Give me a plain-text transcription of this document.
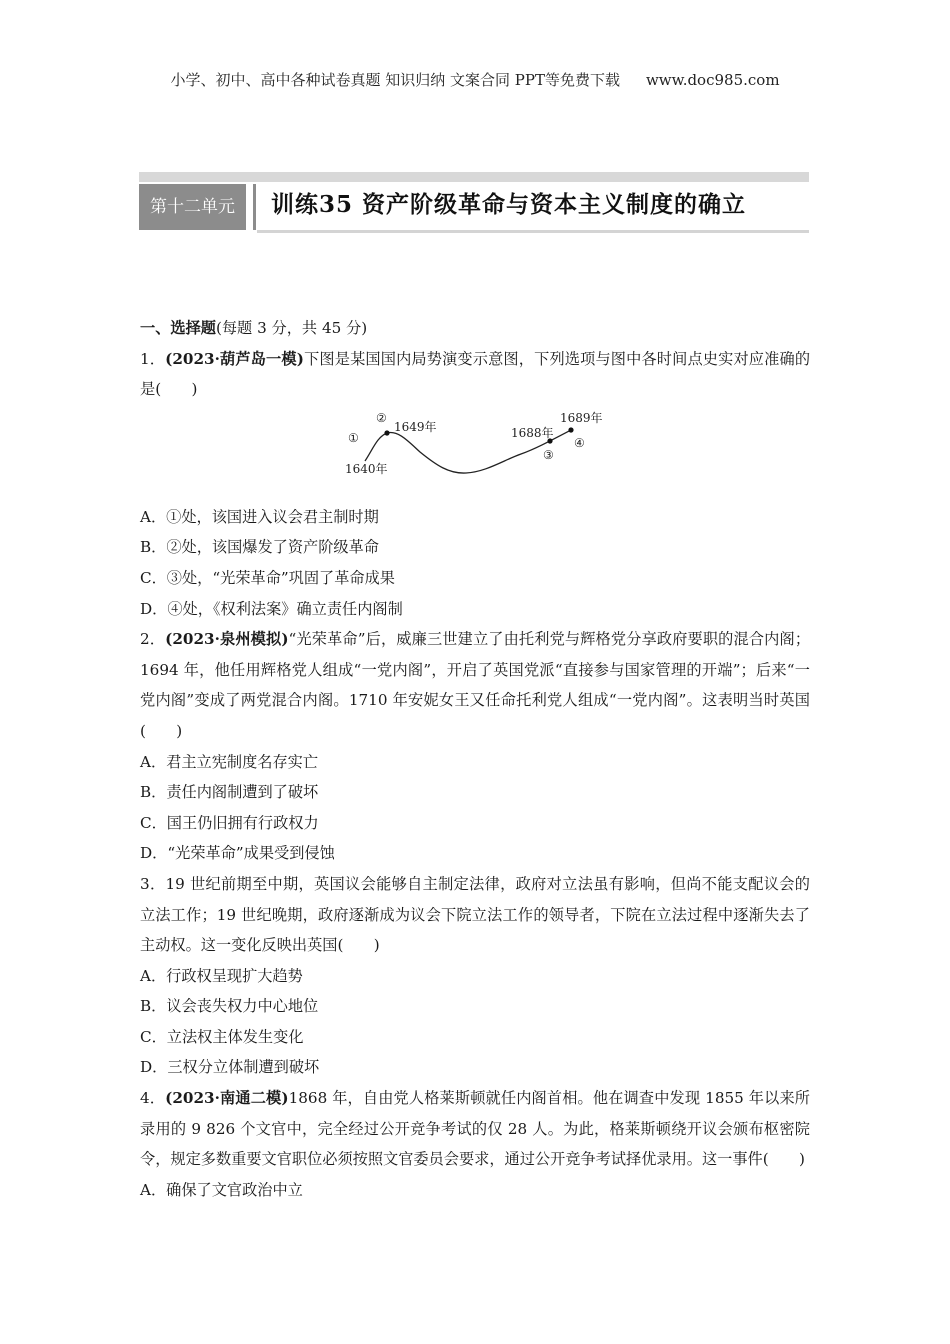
小学、初中、高中各种试卷真题 知识归纳 文案合同 PPT等免费下载 www.doc985.com
第十二单元	训练35 资产阶级革命与资本主义制度的确立

一、选择题(每题 3 分，共 45 分)

1．(2023·葫芦岛一模)下图是某国国内局势演变示意图，下列选项与图中各时间点史实对应准确的是(　　)

①
②
③
④
1640年
1649年	1688年
1689年

A．①处，该国进入议会君主制时期

B．②处，该国爆发了资产阶级革命

C．③处，“光荣革命”巩固了革命成果

D．④处，《权利法案》确立责任内阁制

2．(2023·泉州模拟)“光荣革命”后，威廉三世建立了由托利党与辉格党分享政府要职的混合内阁；1694 年，他任用辉格党人组成“一党内阁”，开启了英国党派“直接参与国家管理的开端”；后来“一党内阁”变成了两党混合内阁。1710 年安妮女王又任命托利党人组成“一党内阁”。这表明当时英国(　　)

A．君主立宪制度名存实亡

B．责任内阁制遭到了破坏

C．国王仍旧拥有行政权力

D．“光荣革命”成果受到侵蚀

3．19 世纪前期至中期，英国议会能够自主制定法律，政府对立法虽有影响，但尚不能支配议会的立法工作；19 世纪晚期，政府逐渐成为议会下院立法工作的领导者，下院在立法过程中逐渐失去了主动权。这一变化反映出英国(　　)

A．行政权呈现扩大趋势

B．议会丧失权力中心地位

C．立法权主体发生变化

D．三权分立体制遭到破坏

4．(2023·南通二模)1868 年，自由党人格莱斯顿就任内阁首相。他在调查中发现 1855 年以来所录用的 9 826 个文官中，完全经过公开竞争考试的仅 28 人。为此，格莱斯顿绕开议会颁布枢密院令，规定多数重要文官职位必须按照文官委员会要求，通过公开竞争考试择优录用。这一事件(　　)

A．确保了文官政治中立
